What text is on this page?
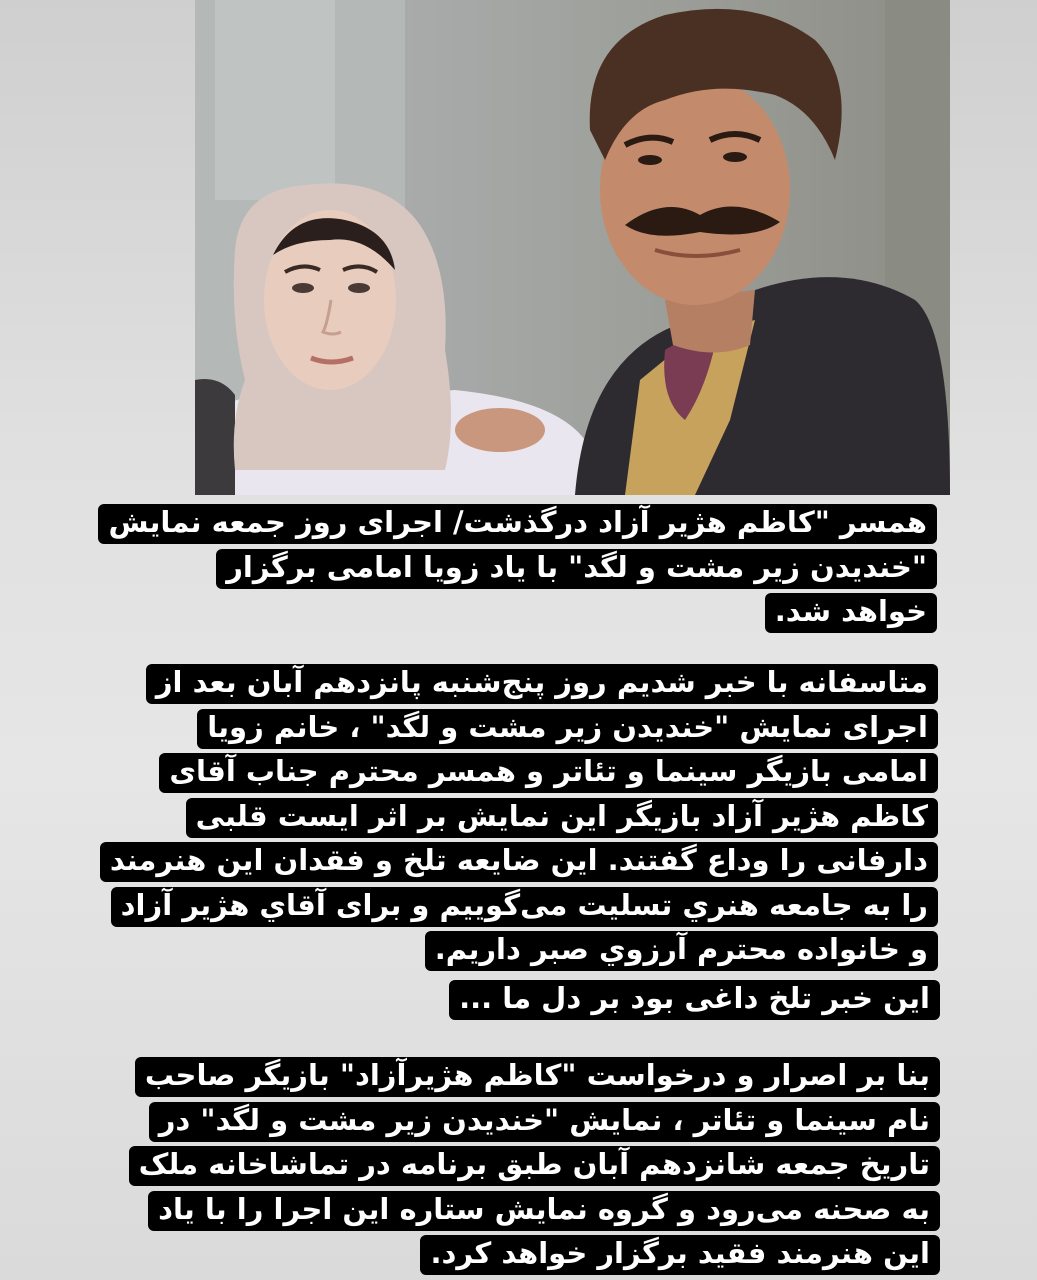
همسر "کاظم هژیر آزاد درگذشت/ اجرای روز جمعه نمایش
"خندیدن زیر مشت و لگد" با یاد زویا امامی برگزار
خواهد شد.
متاسفانه با خبر شدیم روز پنج‌شنبه پانزدهم آبان بعد از
اجرای نمایش "خندیدن زیر مشت و لگد" ، خانم زویا
امامی بازیگر سینما و تئاتر و همسر محترم جناب آقای
کاظم هژیر آزاد بازیگر این نمایش بر اثر ایست قلبی
دارفانی را وداع گفتند. این ضایعه تلخ و فقدان این هنرمند
را به جامعه هنري تسليت می‌گوییم و برای آقاي هژير آزاد
و خانواده محترم آرزوي صبر داریم.
این خبر تلخ داغی بود بر دل ما ...
بنا بر اصرار و درخواست "کاظم هژیرآزاد" بازیگر صاحب
نام سینما و تئاتر ، نمایش "خندیدن زیر مشت و لگد" در
تاریخ جمعه شانزدهم آبان طبق برنامه در تماشاخانه ملک
به صحنه می‌رود و گروه نمایش ستاره این اجرا را با یاد
این هنرمند فقید برگزار خواهد کرد.
